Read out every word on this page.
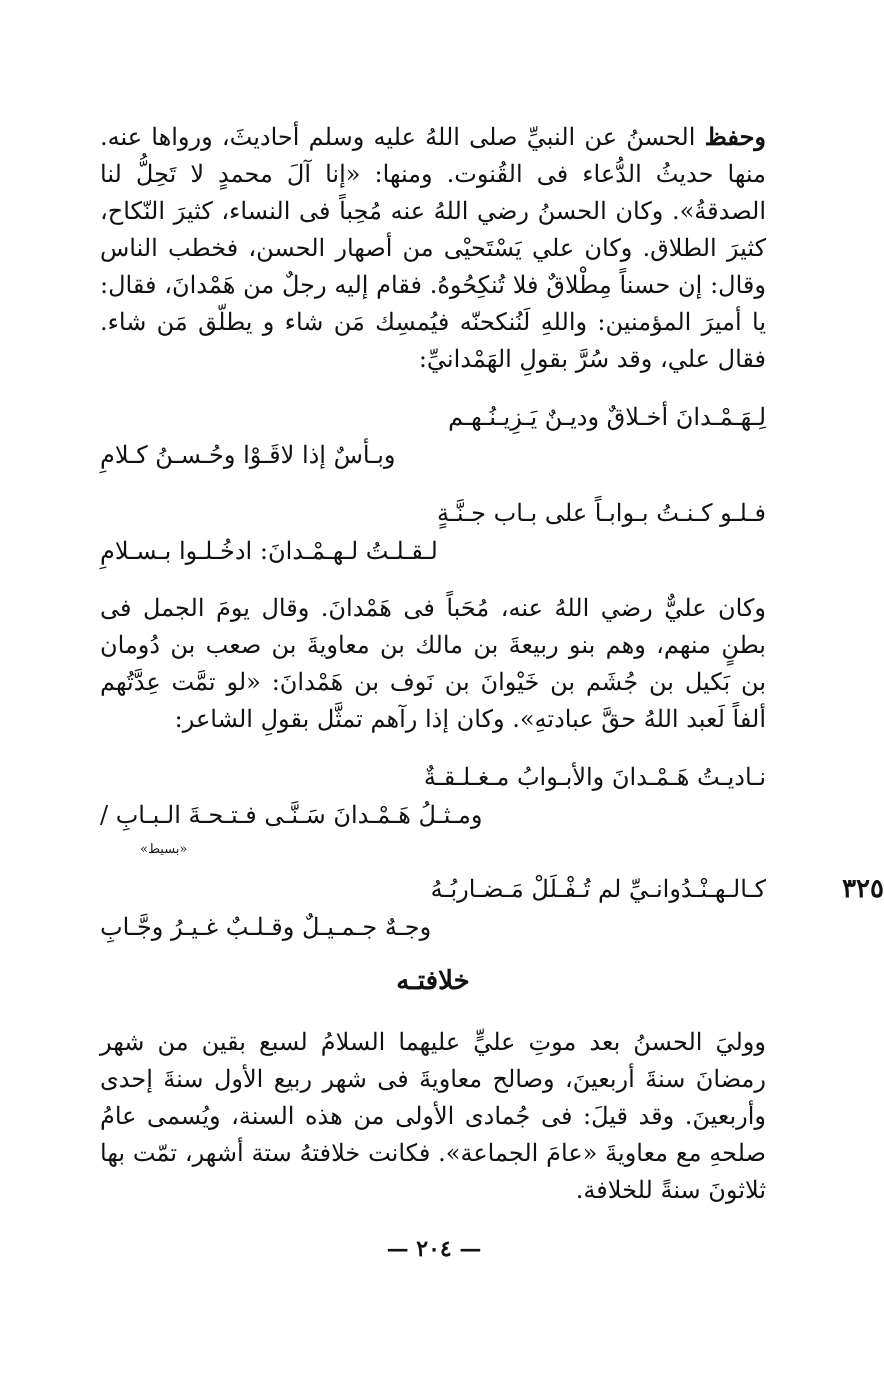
وحفظ الحسنُ عن النبيِّ صلى اللهُ عليه وسلم أحاديثَ، ورواها عنه. منها حديثُ الدُّعاء فى القُنوت. ومنها: «إنا آلَ محمدٍ لا تَحِلُّ لنا الصدقةُ». وكان الحسنُ رضي اللهُ عنه مُحِباً فى النساء، كثيرَ النّكاح، كثيرَ الطلاق. وكان علي يَسْتَحيْى من أصهار الحسن، فخطب الناس وقال: إن حسناً مِطْلاقٌ فلا تُنكِحُوهُ. فقام إليه رجلٌ من هَمْدانَ، فقال: يا أميرَ المؤمنين: واللهِ لَنُنكحنّه فيُمسِك مَن شاء و يطلّق مَن شاء. فقال علي، وقد سُرَّ بقولِ الهَمْدانيِّ:

لِـهَـمْـدانَ أخـلاقٌ وديـنٌ يَـزِيـنُـهـم
وبـأسٌ إذا لاقَـوْا وحُـسـنُ كـلامِ
فـلـو كـنـتُ بـوابـاً على بـاب جـنَّـةٍ
لـقـلـتُ لـهـمْـدانَ: ادخُـلـوا بـسـلامِ

وكان عليٌّ رضي اللهُ عنه، مُحَباً فى هَمْدانَ. وقال يومَ الجمل فى بطنٍ منهم، وهم بنو ربيعةَ بن مالك بن معاويةَ بن صعب بن دُومان بن بَكيل بن جُشَم بن خَيْوانَ بن نَوف بن هَمْدانَ: «لو تمَّت عِدَّتُهم ألفاً لَعبد اللهُ حقَّ عبادتهِ». وكان إذا رآهم تمثَّل بقولِ الشاعر:

نـاديـتُ هَـمْـدانَ والأبـوابُ مـغـلـقـةٌ
ومـثـلُ هَـمْـدانَ سَـنَّـى فـتـحـةَ الـبـابِ /
«بسيط»
٣٢٥
كـالـهـنْـدُوانـيِّ لم تُـفْـلَلْ مَـضـاربُـهُ
وجـهٌ جـمـيـلٌ وقـلـبٌ غـيـرُ وجَّـابِ
خلافتـه

ووليَ الحسنُ بعد موتِ عليٍّ عليهما السلامُ لسبع بقين من شهر رمضانَ سنةَ أربعينَ، وصالح معاويةَ فى شهر ربيع الأول سنةَ إحدى وأربعينَ. وقد قيلَ: فى جُمادى الأولى من هذه السنة، ويُسمى عامُ صلحهِ مع معاويةَ «عامَ الجماعة». فكانت خلافتهُ ستة أشهر، تمّت بها ثلاثونَ سنةً للخلافة.

— ٢٠٤ —
